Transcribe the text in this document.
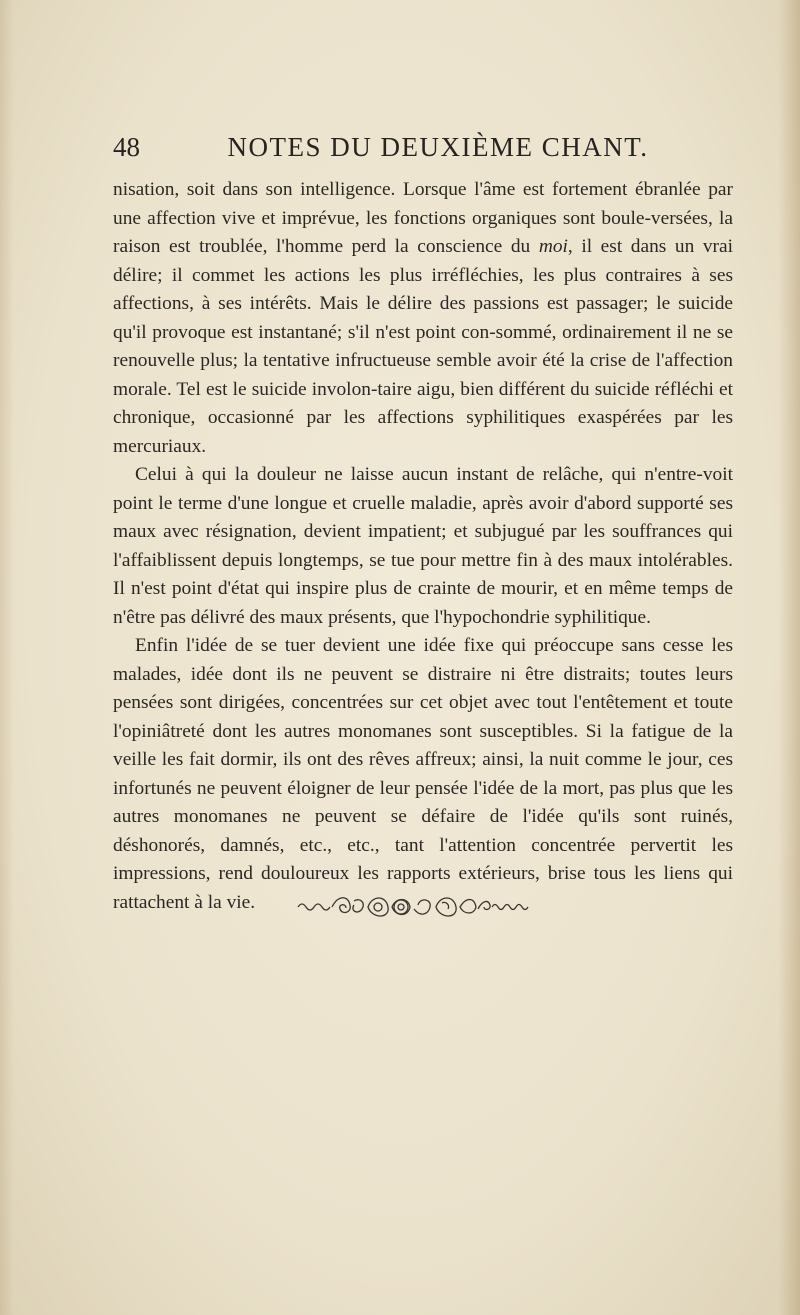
48	NOTES DU DEUXIÈME CHANT.

nisation, soit dans son intelligence. Lorsque l'âme est fortement ébranlée par une affection vive et imprévue, les fonctions organiques sont boule-versées, la raison est troublée, l'homme perd la conscience du moi, il est dans un vrai délire; il commet les actions les plus irréfléchies, les plus contraires à ses affections, à ses intérêts. Mais le délire des passions est passager; le suicide qu'il provoque est instantané; s'il n'est point con-sommé, ordinairement il ne se renouvelle plus; la tentative infructueuse semble avoir été la crise de l'affection morale. Tel est le suicide involon-taire aigu, bien différent du suicide réfléchi et chronique, occasionné par les affections syphilitiques exaspérées par les mercuriaux.

Celui à qui la douleur ne laisse aucun instant de relâche, qui n'entre-voit point le terme d'une longue et cruelle maladie, après avoir d'abord supporté ses maux avec résignation, devient impatient; et subjugué par les souffrances qui l'affaiblissent depuis longtemps, se tue pour mettre fin à des maux intolérables. Il n'est point d'état qui inspire plus de crainte de mourir, et en même temps de n'être pas délivré des maux présents, que l'hypochondrie syphilitique.

Enfin l'idée de se tuer devient une idée fixe qui préoccupe sans cesse les malades, idée dont ils ne peuvent se distraire ni être distraits; toutes leurs pensées sont dirigées, concentrées sur cet objet avec tout l'entêtement et toute l'opiniâtreté dont les autres monomanes sont susceptibles. Si la fatigue de la veille les fait dormir, ils ont des rêves affreux; ainsi, la nuit comme le jour, ces infortunés ne peuvent éloigner de leur pensée l'idée de la mort, pas plus que les autres monomanes ne peuvent se défaire de l'idée qu'ils sont ruinés, déshonorés, damnés, etc., etc., tant l'attention concentrée pervertit les impressions, rend douloureux les rapports extérieurs, brise tous les liens qui rattachent à la vie.
